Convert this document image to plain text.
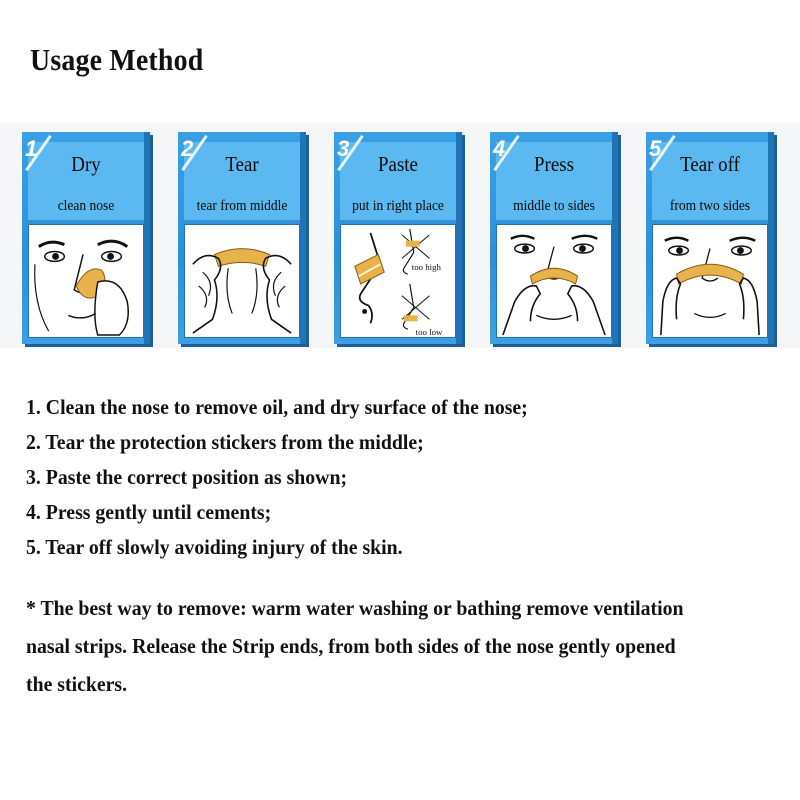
Usage Method
1
Dry
clean nose
2
Tear
tear from middle
3
Paste
put in right place
too high
too low
4
Press
middle to sides
5
Tear off
from two sides
1. Clean the nose to remove oil, and dry surface of the nose;
2. Tear the protection stickers from the middle;
3. Paste the correct position as shown;
4. Press gently until cements;
5. Tear off slowly avoiding injury of the skin.
* The best way to remove: warm water washing or bathing remove ventilation
nasal strips. Release the Strip ends, from both sides of the nose gently opened
the stickers.
